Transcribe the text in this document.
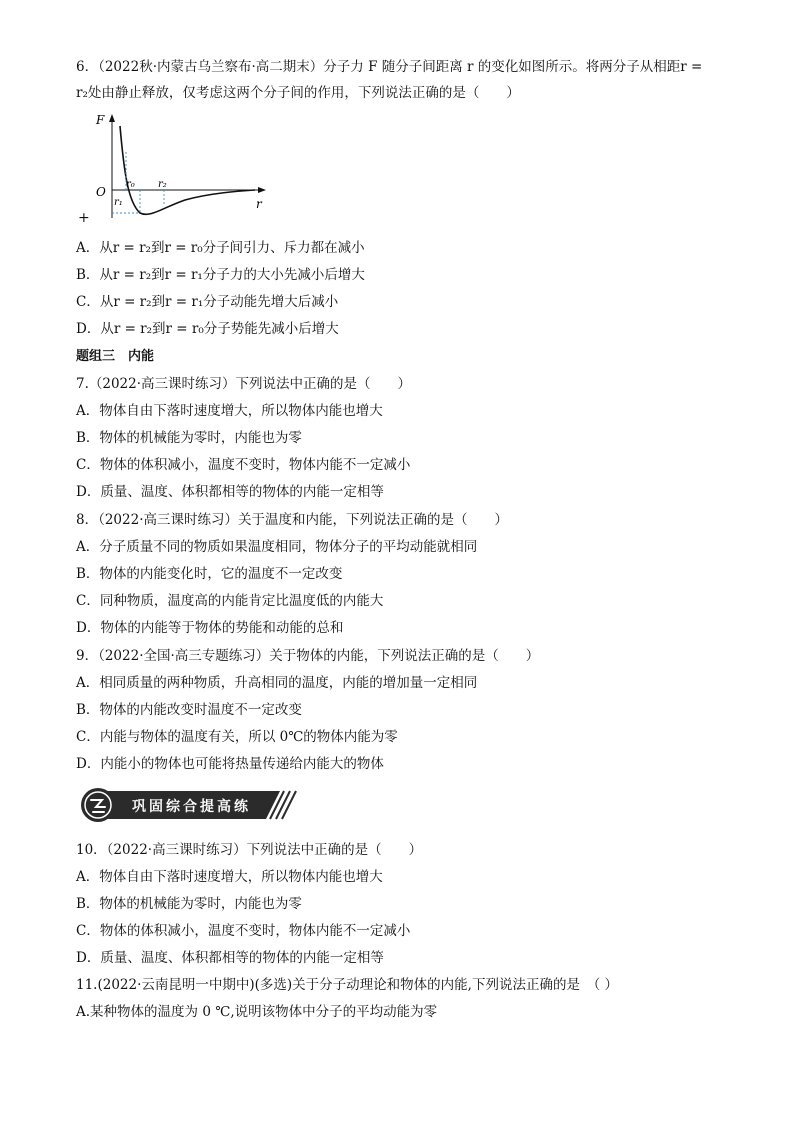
6．（2022秋·内蒙古乌兰察布·高二期末）分子力 F 随分子间距离 r 的变化如图所示。将两分子从相距r =
r₂处由静止释放，仅考虑这两个分子间的作用，下列说法正确的是（　　）
F
r
O
r₀
r₁
r₂
+
A．从r = r₂到r = r₀分子间引力、斥力都在减小
B．从r = r₂到r = r₁分子力的大小先减小后增大
C．从r = r₂到r = r₁分子动能先增大后减小
D．从r = r₂到r = r₀分子势能先减小后增大
题组三　内能
7.（2022·高三课时练习）下列说法中正确的是（　　）
A．物体自由下落时速度增大，所以物体内能也增大
B．物体的机械能为零时，内能也为零
C．物体的体积减小，温度不变时，物体内能不一定减小
D．质量、温度、体积都相等的物体的内能一定相等
8．（2022·高三课时练习）关于温度和内能，下列说法正确的是（　　）
A．分子质量不同的物质如果温度相同，物体分子的平均动能就相同
B．物体的内能变化时，它的温度不一定改变
C．同种物质，温度高的内能肯定比温度低的内能大
D．物体的内能等于物体的势能和动能的总和
9．（2022·全国·高三专题练习）关于物体的内能，下列说法正确的是（　　）
A．相同质量的两种物质，升高相同的温度，内能的增加量一定相同
B．物体的内能改变时温度不一定改变
C．内能与物体的温度有关，所以 0℃的物体内能为零
D．内能小的物体也可能将热量传递给内能大的物体
巩固综合提高练
10．（2022·高三课时练习）下列说法中正确的是（　　）
A．物体自由下落时速度增大，所以物体内能也增大
B．物体的机械能为零时，内能也为零
C．物体的体积减小，温度不变时，物体内能不一定减小
D．质量、温度、体积都相等的物体的内能一定相等
11.(2022·云南昆明一中期中)(多选)关于分子动理论和物体的内能,下列说法正确的是　（ ）
A.某种物体的温度为 0 ℃,说明该物体中分子的平均动能为零
